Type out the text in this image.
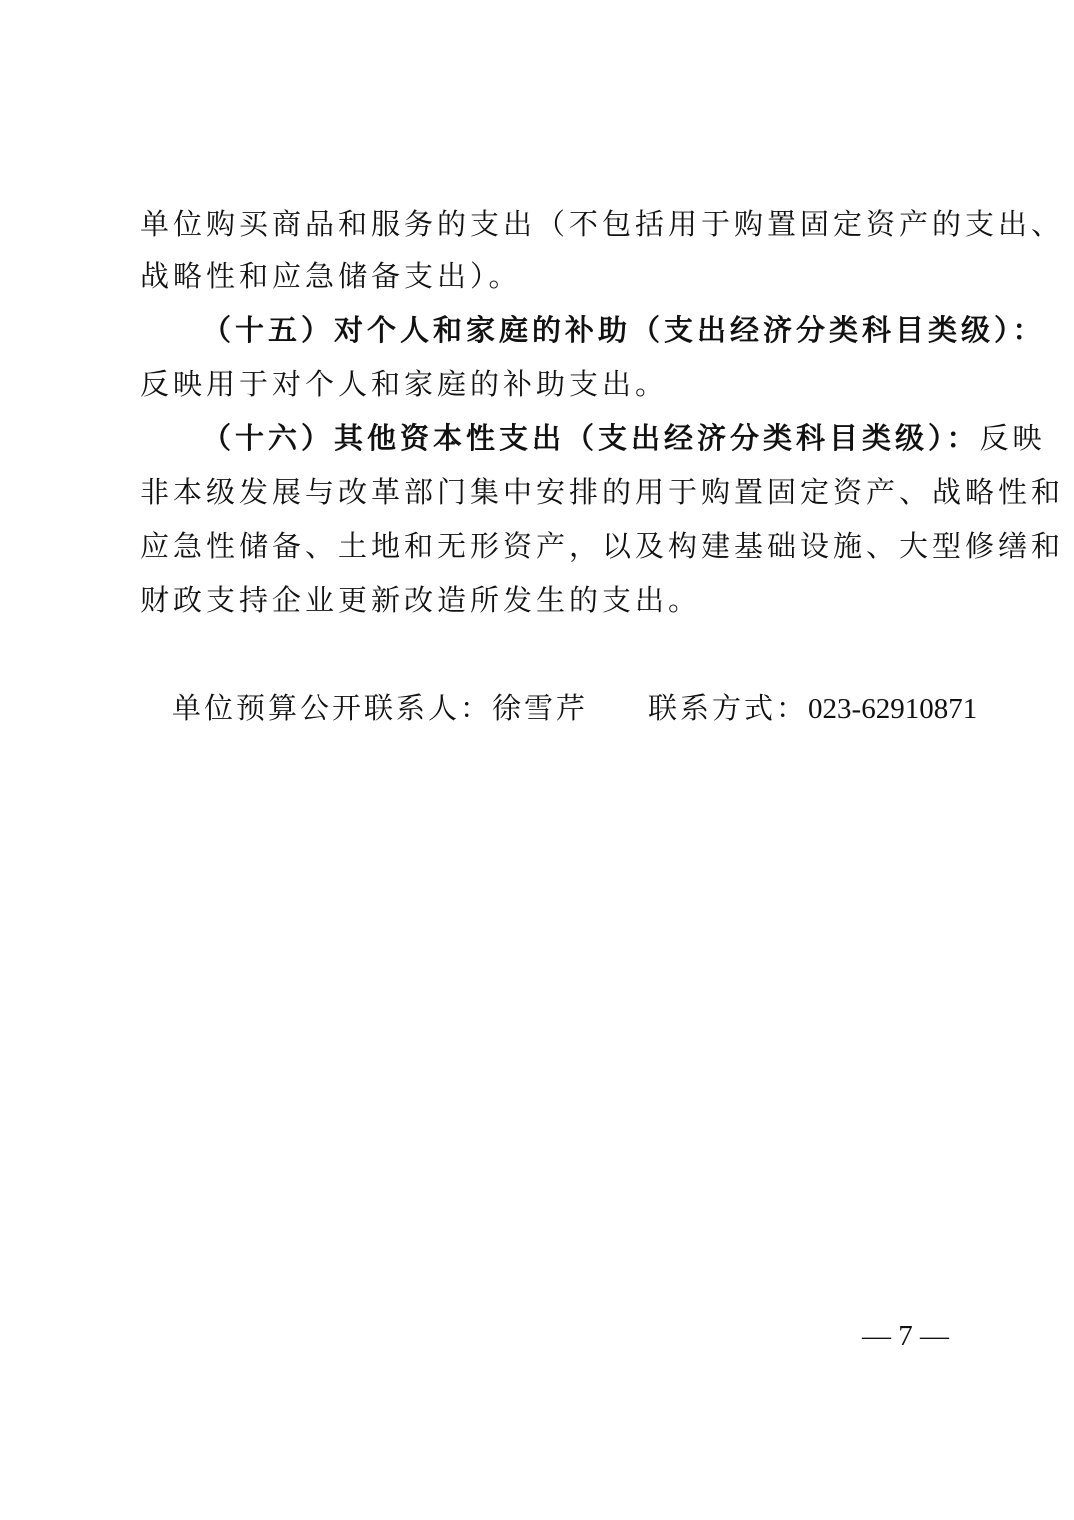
单位购买商品和服务的支出（不包括用于购置固定资产的支出、
战略性和应急储备支出）。
（十五）对个人和家庭的补助（支出经济分类科目类级）：
反映用于对个人和家庭的补助支出。
（十六）其他资本性支出（支出经济分类科目类级）：反映
非本级发展与改革部门集中安排的用于购置固定资产、战略性和
应急性储备、土地和无形资产，以及构建基础设施、大型修缮和
财政支持企业更新改造所发生的支出。
单位预算公开联系人：徐雪芹 联系方式：023-62910871
— 7 —
